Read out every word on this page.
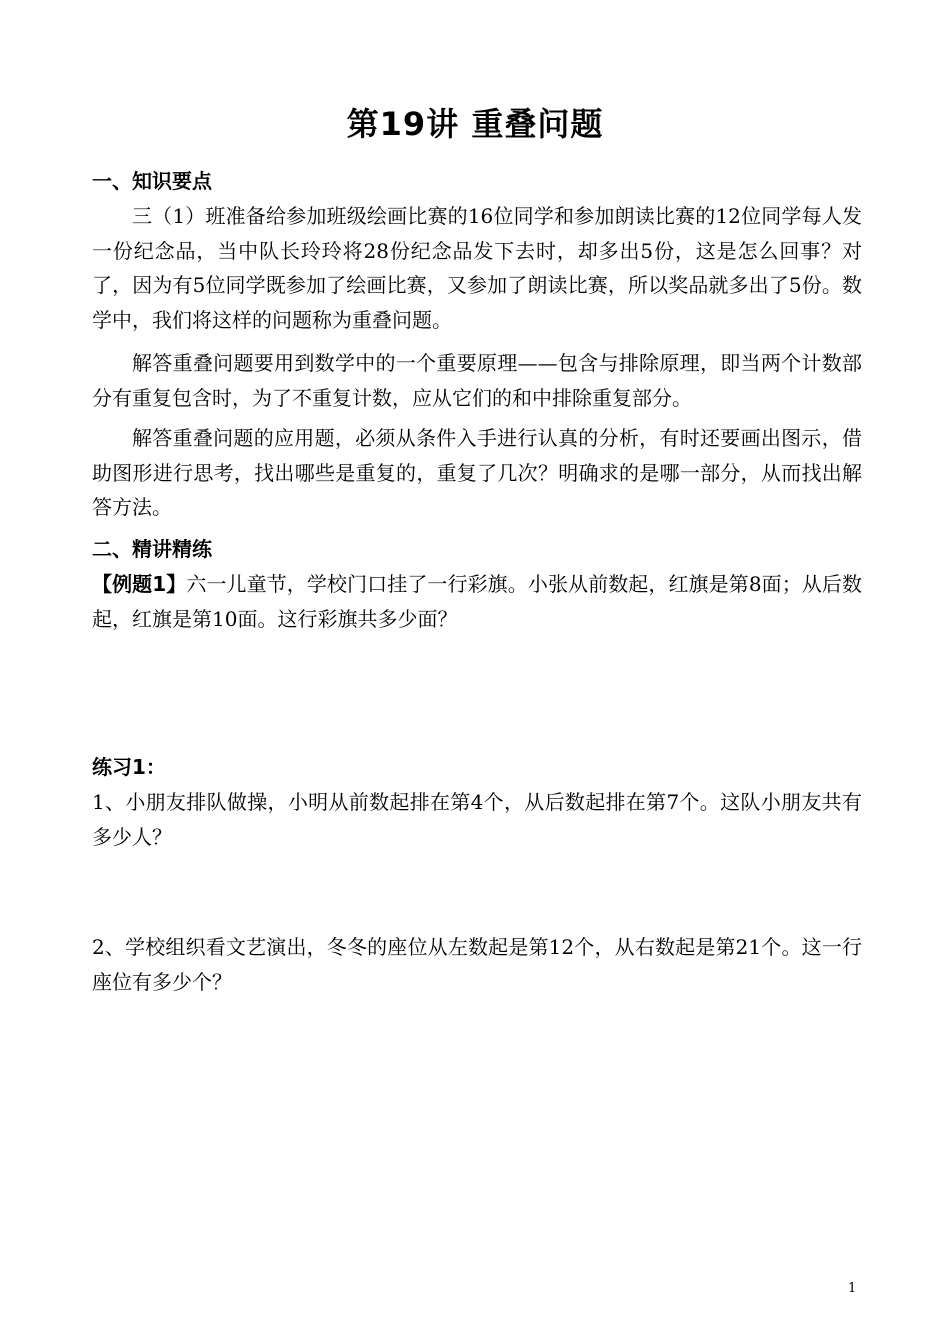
第19讲 重叠问题
一、知识要点
三（1）班准备给参加班级绘画比赛的16位同学和参加朗读比赛的12位同学每人发一份纪念品，当中队长玲玲将28份纪念品发下去时，却多出5份，这是怎么回事？对了，因为有5位同学既参加了绘画比赛，又参加了朗读比赛，所以奖品就多出了5份。数学中，我们将这样的问题称为重叠问题。
解答重叠问题要用到数学中的一个重要原理——包含与排除原理，即当两个计数部分有重复包含时，为了不重复计数，应从它们的和中排除重复部分。
解答重叠问题的应用题，必须从条件入手进行认真的分析，有时还要画出图示，借助图形进行思考，找出哪些是重复的，重复了几次？明确求的是哪一部分，从而找出解答方法。
二、精讲精练
【例题1】六一儿童节，学校门口挂了一行彩旗。小张从前数起，红旗是第8面；从后数起，红旗是第10面。这行彩旗共多少面？
练习1：
1、小朋友排队做操，小明从前数起排在第4个，从后数起排在第7个。这队小朋友共有多少人？
2、学校组织看文艺演出，冬冬的座位从左数起是第12个，从右数起是第21个。这一行座位有多少个？
1
